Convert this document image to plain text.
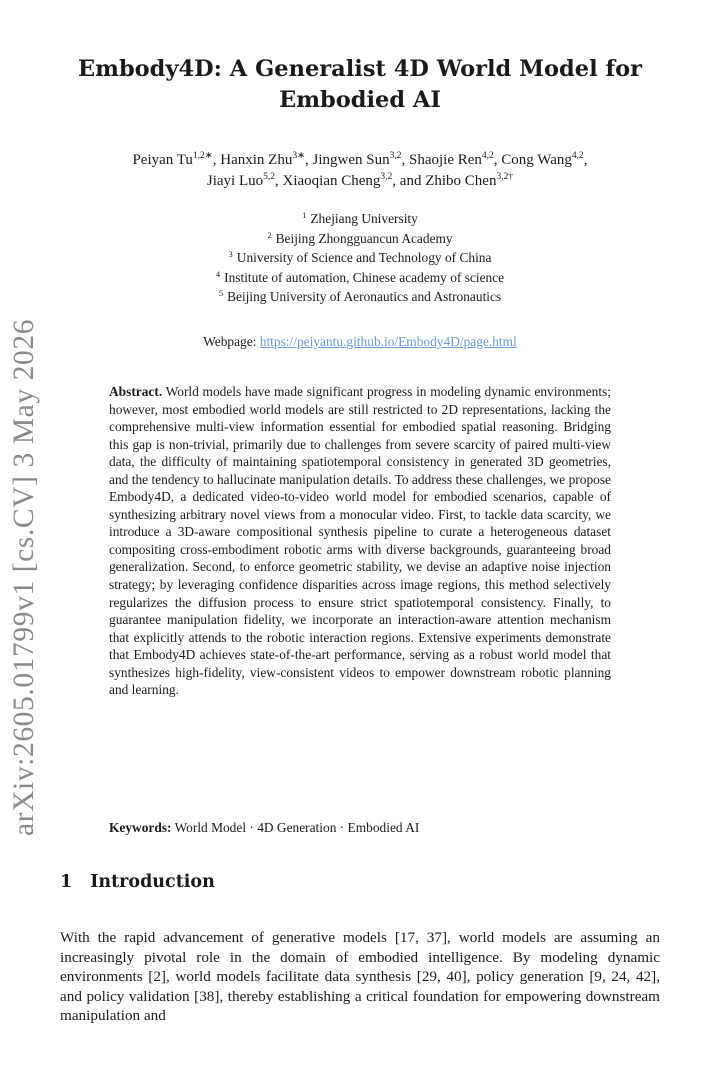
arXiv:2605.01799v1 [cs.CV] 3 May 2026
Embody4D: A Generalist 4D World Model for Embodied AI
Peiyan $Tu^{1,2∗}$, Hanxin Zhu$^{3∗}$, Jingwen Sun$^{3,2}$, Shaojie Ren$^{4,2}$, Cong Wang$^{4,2}$,
Jiayi Luo$^{5,2}$, Xiaoqian Cheng$^{3,2}$, and Zhibo Chen$^{3,2\dagger}$
$^1$ Zhejiang University
$^2$ Beijing Zhongguancun Academy
$^3$ University of Science and Technology of China
$^4$ Institute of automation, Chinese academy of science
$^5$ Beijing University of Aeronautics and Astronautics
Webpage: https://peiyantu.github.io/Embody4D/page.html
Abstract. World models have made significant progress in modeling dynamic environments; however, most embodied world models are still restricted to 2D representations, lacking the comprehensive multi-view information essential for embodied spatial reasoning. Bridging this gap is non-trivial, primarily due to challenges from severe scarcity of paired multi-view data, the difficulty of maintaining spatiotemporal consistency in generated 3D geometries, and the tendency to hallucinate manipulation details. To address these challenges, we propose Embody4D, a dedicated video-to-video world model for embodied scenarios, capable of synthesizing arbitrary novel views from a monocular video. First, to tackle data scarcity, we introduce a 3D-aware compositional synthesis pipeline to curate a heterogeneous dataset compositing cross-embodiment robotic arms with diverse backgrounds, guaranteeing broad generalization. Second, to enforce geometric stability, we devise an adaptive noise injection strategy; by leveraging confidence disparities across image regions, this method selectively regularizes the diffusion process to ensure strict spatiotemporal consistency. Finally, to guarantee manipulation fidelity, we incorporate an interaction-aware attention mechanism that explicitly attends to the robotic interaction regions. Extensive experiments demonstrate that Embody4D achieves state-of-the-art performance, serving as a robust world model that synthesizes high-fidelity, view-consistent videos to empower downstream robotic planning and learning.
Keywords: World Model · 4D Generation · Embodied AI
1 Introduction

With the rapid advancement of generative models [17, 37], world models are assuming an increasingly pivotal role in the domain of embodied intelligence. By modeling dynamic environments [2], world models facilitate data synthesis [29, 40], policy generation [9, 24, 42], and policy validation [38], thereby establishing a critical foundation for empowering downstream manipulation and
